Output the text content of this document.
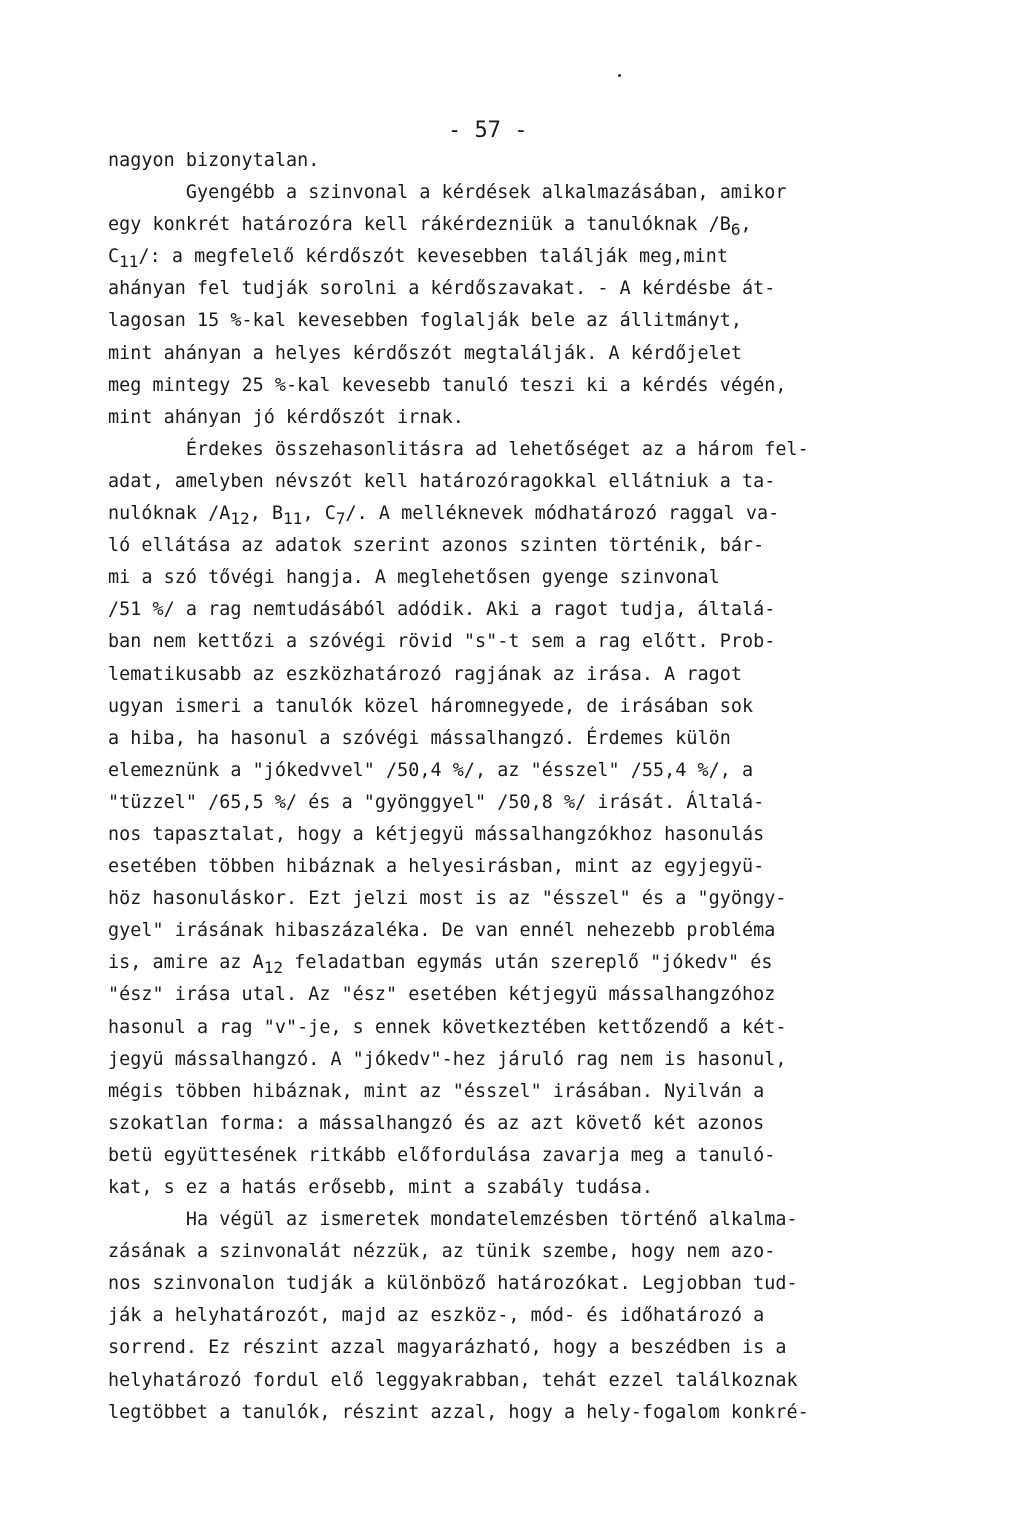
- 57 -
nagyon bizonytalan.
Gyengébb a szinvonal a kérdések alkalmazásában, amikor
egy konkrét határozóra kell rákérdezniük a tanulóknak /B6,
C11/: a megfelelő kérdőszót kevesebben találják meg,mint
ahányan fel tudják sorolni a kérdőszavakat. - A kérdésbe át-
lagosan 15 %-kal kevesebben foglalják bele az állitmányt,
mint ahányan a helyes kérdőszót megtalálják. A kérdőjelet
meg mintegy 25 %-kal kevesebb tanuló teszi ki a kérdés végén,
mint ahányan jó kérdőszót irnak.
Érdekes összehasonlitásra ad lehetőséget az a három fel-
adat, amelyben névszót kell határozóragokkal ellátniuk a ta-
nulóknak /A12, B11, C7/. A melléknevek módhatározó raggal va-
ló ellátása az adatok szerint azonos szinten történik, bár-
mi a szó tővégi hangja. A meglehetősen gyenge szinvonal
/51 %/ a rag nemtudásából adódik. Aki a ragot tudja, általá-
ban nem kettőzi a szóvégi rövid "s"-t sem a rag előtt. Prob-
lematikusabb az eszközhatározó ragjának az irása. A ragot
ugyan ismeri a tanulók közel háromnegyede, de irásában sok
a hiba, ha hasonul a szóvégi mássalhangzó. Érdemes külön
elemeznünk a "jókedvvel" /50,4 %/, az "ésszel" /55,4 %/, a
"tüzzel" /65,5 %/ és a "gyönggyel" /50,8 %/ irását. Általá-
nos tapasztalat, hogy a kétjegyü mássalhangzókhoz hasonulás
esetében többen hibáznak a helyesirásban, mint az egyjegyü-
höz hasonuláskor. Ezt jelzi most is az "ésszel" és a "gyöngy-
gyel" irásának hibaszázaléka. De van ennél nehezebb probléma
is, amire az A12 feladatban egymás után szereplő "jókedv" és
"ész" irása utal. Az "ész" esetében kétjegyü mássalhangzóhoz
hasonul a rag "v"-je, s ennek következtében kettőzendő a két-
jegyü mássalhangzó. A "jókedv"-hez járuló rag nem is hasonul,
mégis többen hibáznak, mint az "ésszel" irásában. Nyilván a
szokatlan forma: a mássalhangzó és az azt követő két azonos
betü együttesének ritkább előfordulása zavarja meg a tanuló-
kat, s ez a hatás erősebb, mint a szabály tudása.
Ha végül az ismeretek mondatelemzésben történő alkalma-
zásának a szinvonalát nézzük, az tünik szembe, hogy nem azo-
nos szinvonalon tudják a különböző határozókat. Legjobban tud-
ják a helyhatározót, majd az eszköz-, mód- és időhatározó a
sorrend. Ez részint azzal magyarázható, hogy a beszédben is a
helyhatározó fordul elő leggyakrabban, tehát ezzel találkoznak
legtöbbet a tanulók, részint azzal, hogy a hely-fogalom konkré-
